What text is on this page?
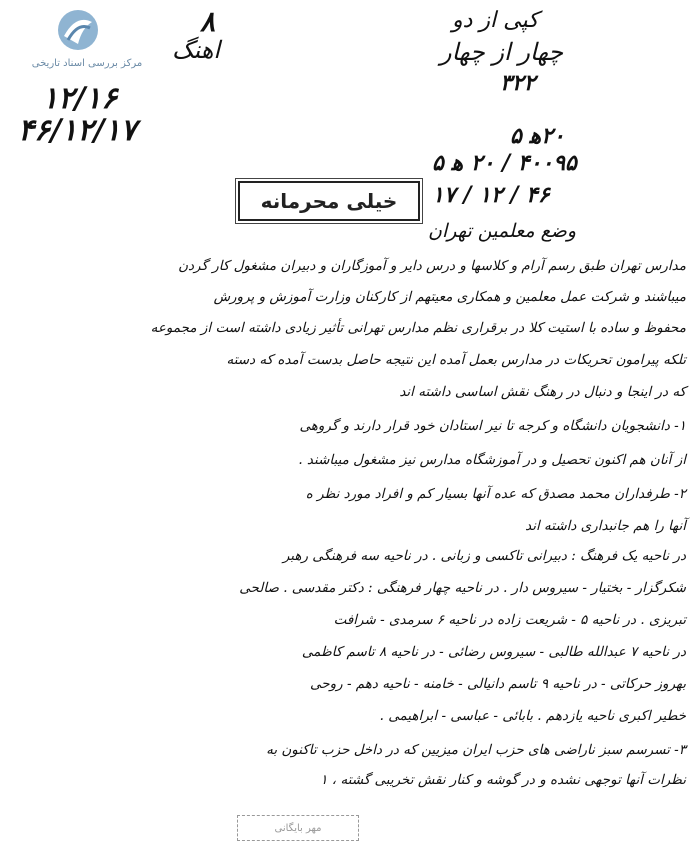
مرکز بررسی اسناد تاریخی
کپی از دو
چهار از چهار
۳۲۲
۸
اهنگ
۱۲/۱۶
۴۶/۱۲/۱۷	۲۰ه‍ ۵
۴۰۰۹۵ / ۲۰ ه‍ ۵
۴۶ / ۱۲ / ۱۷
خیلی محرمانه
وضع معلمین تهران
مدارس تهران طبق رسم آرام و کلاسها و درس دایر و آموزگاران و دبیران مشغول کار گردن
میباشند و شرکت عمل معلمین و همکاری معیتهم از کارکنان وزارت آموزش و پرورش
محفوظ و ساده با استیت کلا در برقراری نظم مدارس تهرانی تأثیر زیادی داشته است از مجموعه
تلکه پیرامون تحریکات در مدارس بعمل آمده این نتیجه حاصل بدست آمده که دسته
که در اینجا و دنبال در رهنگ نقش اساسی داشته اند
۱- دانشجویان دانشگاه و کرجه تا نیر استادان خود قرار دارند و گروهی
از آنان هم اکنون تحصیل و در آموزشگاه مدارس نیز مشغول میباشند .
۲- طرفداران محمد مصدق که عده آنها بسیار کم و افراد مورد نظر ه
آنها را هم جانبداری داشته اند
در ناحیه یک فرهنگ : دبیرانی تاکسی و زبانی . در ناحیه سه فرهنگی رهبر
شکرگزار - بختیار - سیروس دار . در ناحیه چهار فرهنگی : دکتر مقدسی . صالحی
تبریزی . در ناحیه ۵ - شریعت زاده در ناحیه ۶ سرمدی - شرافت
در ناحیه ۷ عبدالله طالبی - سیروس رضائی - در ناحیه ۸ تاسم کاظمی
بهروز حرکاتی - در ناحیه ۹ تاسم دانیالی - خامنه - ناحیه دهم - روحی
خطیر اکبری ناحیه یازدهم . بابائی - عباسی - ابراهیمی .
۳- تسرسم سبز ناراضی های حزب ایران میزیین که در داخل حزب تاکنون به
نظرات آنها توجهی نشده و در گوشه و کنار نقش تخریبی گشته ، ۱
مهر بایگانی
